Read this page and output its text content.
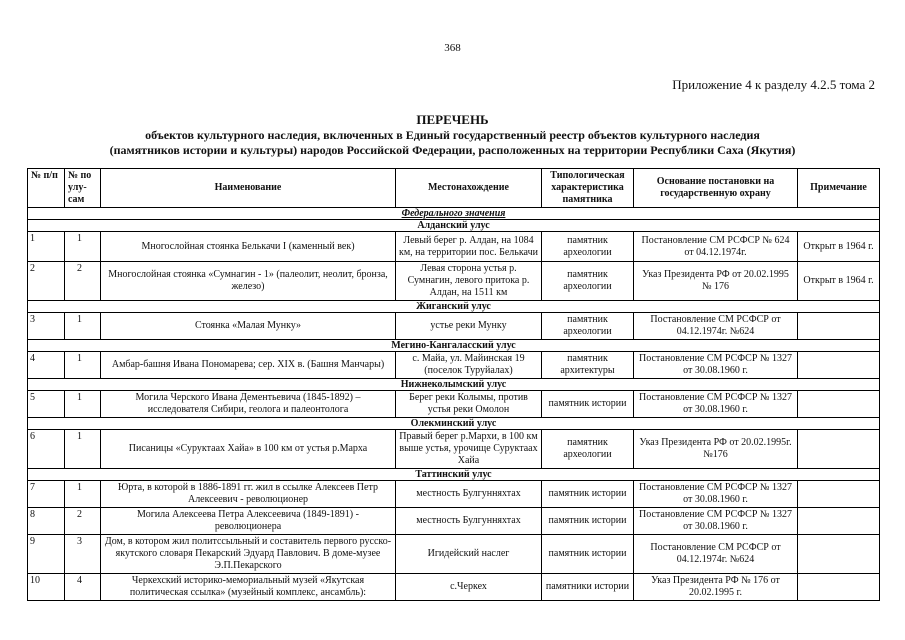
368
Приложение 4 к разделу 4.2.5 тома 2
ПЕРЕЧЕНЬ
объектов культурного наследия, включенных в Единый государственный реестр объектов культурного наследия
(памятников истории и культуры) народов Российской Федерации, расположенных на территории Республики Саха (Якутия)
№ п/п	№ по улу- сам	Наименование	Местонахождение	Типологическая характеристика памятника	Основание постановки на государственную охрану	Примечание
Федерального значения						
Алданский улус						
1	1	Многослойная стоянка Белькачи I (каменный век)	Левый берег р. Алдан, на 1084 км, на территории пос. Белькачи	памятник археологии	Постановление СМ РСФСР № 624 от 04.12.1974г.	Открыт в 1964 г.
2	2	Многослойная стоянка «Сумнагин - 1» (палеолит, неолит, бронза, железо)	Левая сторона устья р. Сумнагин, левого притока р. Алдан, на 1511 км	памятник археологии	Указ Президента РФ от 20.02.1995 № 176	Открыт в 1964 г.
Жиганский улус						
3	1	Стоянка «Малая Мунку»	устье реки Мунку	памятник археологии	Постановление СМ РСФСР от 04.12.1974г. №624	
Мегино-Кангаласский улус						
4	1	Амбар-башня Ивана Пономарева; сер. XIX в. (Башня Манчары)	с. Майа, ул. Майинская 19 (поселок Туруйалах)	памятник архитектуры	Постановление СМ РСФСР № 1327 от 30.08.1960 г.	
Нижнеколымский улус						
5	1	Могила Черского Ивана Дементьевича (1845-1892) – исследователя Сибири, геолога и палеонтолога	Берег реки Колымы, против устья реки Омолон	памятник истории	Постановление СМ РСФСР № 1327 от 30.08.1960 г.	
Олекминский улус						
6	1	Писаницы «Суруктаах Хайа» в 100 км от устья р.Марха	Правый берег р.Мархи, в 100 км выше устья, урочище Суруктаах Хайа	памятник археологии	Указ Президента РФ от 20.02.1995г. №176	
Таттинский улус						
7	1	Юрта, в которой в 1886-1891 гг. жил в ссылке Алексеев Петр Алексеевич - революционер	местность Булгунняхтах	памятник истории	Постановление СМ РСФСР № 1327 от 30.08.1960 г.	
8	2	Могила Алексеева Петра Алексеевича (1849-1891) - революционера	местность Булгунняхтах	памятник истории	Постановление СМ РСФСР № 1327 от 30.08.1960 г.	
9	3	Дом, в котором жил политссыльный и составитель первого русско-якутского словаря Пекарский Эдуард Павлович. В доме-музее Э.П.Пекарского	Игидейский наслег	памятник истории	Постановление СМ РСФСР от 04.12.1974г. №624	
10	4	Черкехский историко-мемориальный музей «Якутская политическая ссылка» (музейный комплекс, ансамбль):	с.Черкех	памятники истории	Указ Президента РФ № 176 от 20.02.1995 г.	
